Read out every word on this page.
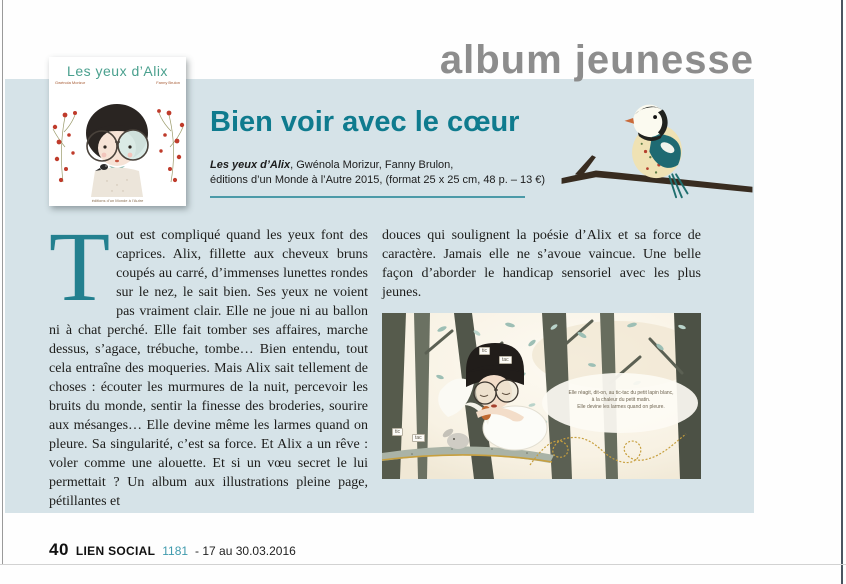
album jeunesse
Les yeux d’Alix
Gwénola Morizur	Fanny Brulon
éditions d’un Monde à l’Autre
Bien voir avec le cœur
Les yeux d’Alix, Gwénola Morizur, Fanny Brulon,
éditions d’un Monde à l’Autre 2015, (format 25 x 25 cm, 48 p. – 13 €)
Tout est compliqué quand les yeux font des caprices. Alix, fillette aux cheveux bruns coupés au carré, d’immenses lunettes rondes sur le nez, le sait bien. Ses yeux ne voient pas vraiment clair. Elle ne joue ni au ballon ni à chat perché. Elle fait tomber ses affaires, marche dessus, s’agace, trébuche, tombe… Bien entendu, tout cela entraîne des moqueries. Mais Alix sait tellement de choses : écouter les murmures de la nuit, percevoir les bruits du monde, sentir la finesse des broderies, sourire aux mésanges… Elle devine même les larmes quand on pleure. Sa singularité, c’est sa force. Et Alix a un rêve : voler comme une alouette. Et si un vœu secret le lui permettait ? Un album aux illustrations pleine page, pétillantes et
douces qui soulignent la poésie d’Alix et sa force de caractère. Jamais elle ne s’avoue vaincue. Une belle façon d’aborder le handicap sensoriel avec les plus jeunes.
tic
tac
tic
tac
Elle réagit, dit-on, au tic-tac du petit lapin blanc,
à la chaleur du petit matin.
Elle devine les larmes quand on pleure.
40 LIEN SOCIAL 1181 - 17 au 30.03.2016
